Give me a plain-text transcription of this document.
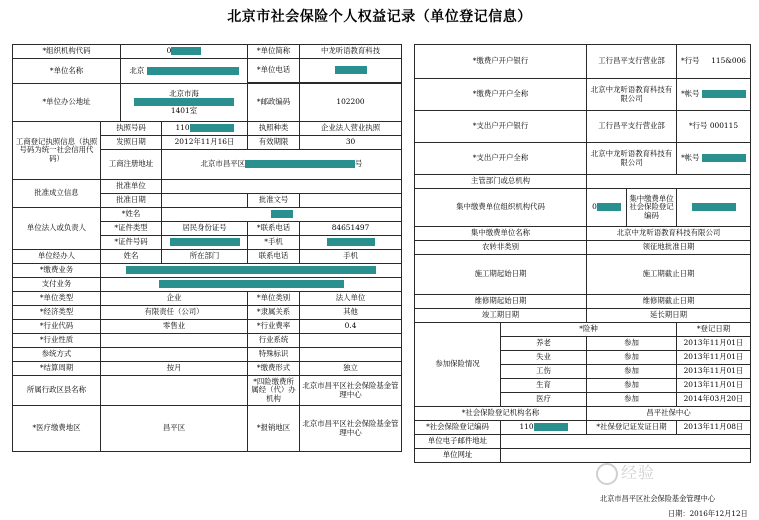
北京市社会保险个人权益记录（单位登记信息）
*组织机构代码		0		*单位简称	中龙听语教育科技
*单位名称		北京		*单位电话	

*单位办公地址		北京市海
1401室		*邮政编码	102200
工商登记执照信息（执照号码为统一社会信用代码）	执照号码		110	执照种类	企业法人营业执照
	发照日期		2012年11月16日	有效期限	30
	工商注册地址		北京市昌平区 号		
批准成立信息	批准单位				
	批准日期			批准文号	
单位法人或负责人	*姓名				
	*证件类型		居民身份证号	*联系电话	84651497
	*证件号码			*手机	
单位经办人	姓名		所在部门	联系电话	手机
*缴费业务					
支付业务					
*单位类型	企业			*单位类别	法人单位
*经济类型	有限责任（公司）			*隶属关系	其他
*行业代码	零售业			*行业费率	0.4
*行业性质				行业系统	
参统方式				特殊标识	
*结算周期	按月			*缴费形式	独立
所属行政区县名称				*四险缴费所属经（代）办机构	北京市昌平区社会保险基金管理中心
*医疗缴费地区	昌平区			*报销地区	北京市昌平区社会保险基金管理中心
*缴费户开户银行		工行昌平支行营业部		*行号 115&006

*缴费户开户全称		北京中龙听语教育科技有限公司		*帐号
*支出户开户银行		工行昌平支行营业部		*行号 000115
*支出户开户全称		北京中龙听语教育科技有限公司		*帐号
主管部门或总机构				
集中缴费单位组织机构代码		0	集中缴费单位社会保险登记编码	
集中缴费单位名称		北京中龙听语教育科技有限公司		
农转非类别		领征地批准日期		
施工期起始日期		施工期截止日期		
维修期起始日期		维修期截止日期		
竣工期日期		延长期日期		
参加保险情况	*险种			*登记日期
	养老	参加		2013年11月01日
	失业	参加		2013年11月01日
	工伤	参加		2013年11月01日
	生育	参加		2013年11月01日
	医疗	参加		2014年03月20日
*社会保险登记机构名称		昌平社保中心		
*社会保险登记编码	110	*社保登记证发证日期		2013年11月08日
单位电子邮件地址				
单位网址				
经验
北京市昌平区社会保险基金管理中心
日期：2016年12月12日
